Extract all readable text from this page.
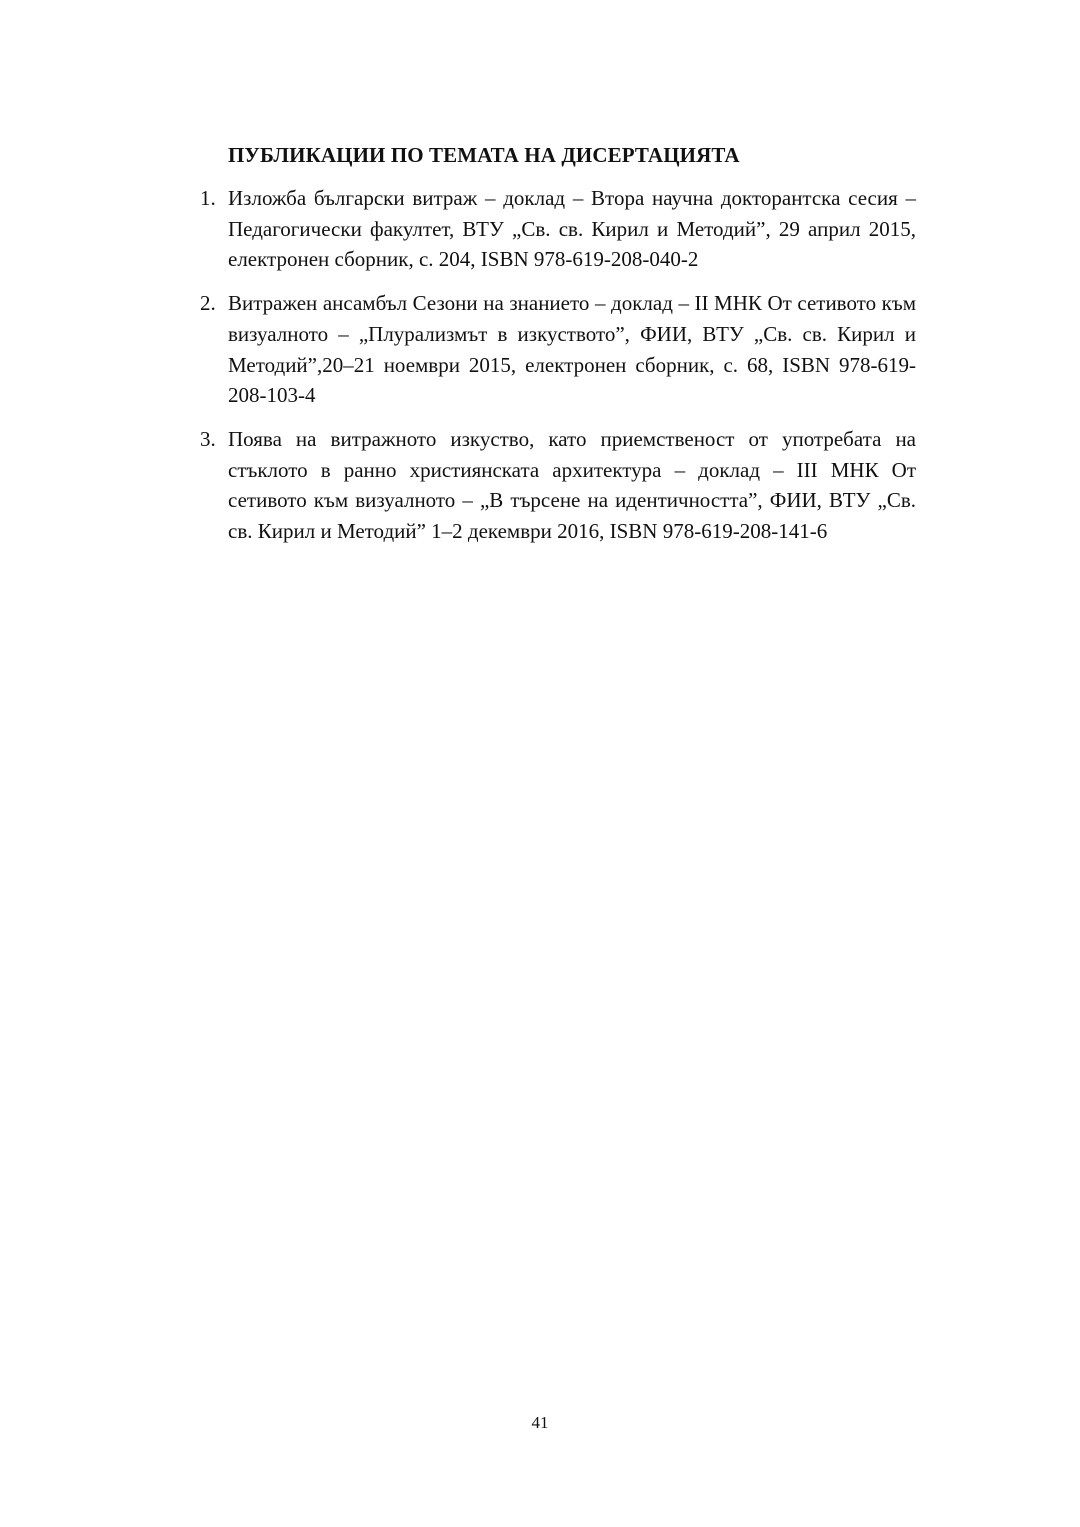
ПУБЛИКАЦИИ ПО ТЕМАТА НА ДИСЕРТАЦИЯТА
1. Изложба български витраж – доклад – Втора научна докторантска сесия – Педагогически факултет, ВТУ „Св. св. Кирил и Методий”, 29 април 2015, електронен сборник, с. 204, ISBN 978-619-208-040-2
2. Витражен ансамбъл Сезони на знанието – доклад – II МНК От сетивото към визуалното – „Плурализмът в изкуството”, ФИИ, ВТУ „Св. св. Кирил и Методий”,20–21 ноември 2015, електронен сборник, с. 68, ISBN 978-619-208-103-4
3. Поява на витражното изкуство, като приемственост от употребата на стъклото в ранно християнската архитектура – доклад – III МНК От сетивото към визуалното – „В търсене на идентичността”, ФИИ, ВТУ „Св. св. Кирил и Методий” 1–2 декември 2016, ISBN 978-619-208-141-6
41
